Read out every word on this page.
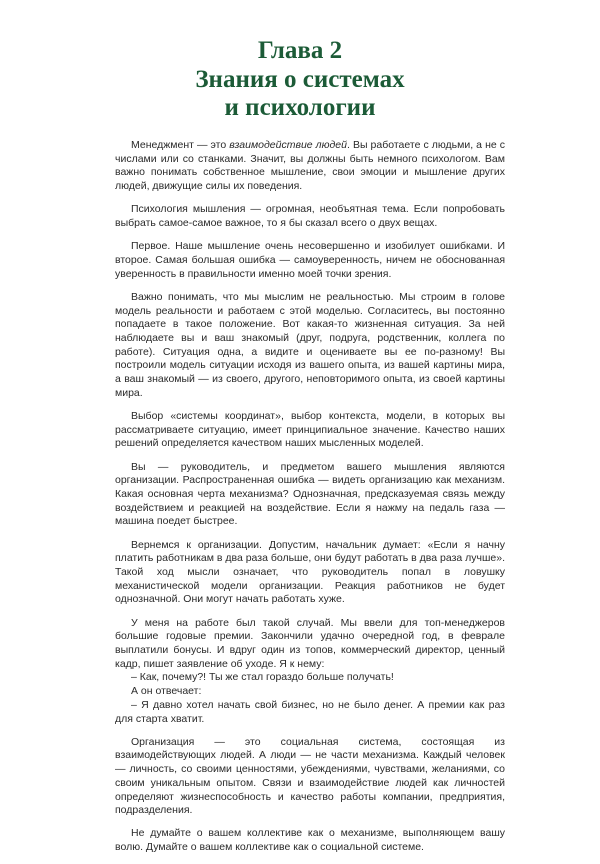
Глава 2
Знания о системах
и психологии

Менеджмент — это взаимодействие людей. Вы работаете с людьми, а не с числами или со станками. Значит, вы должны быть немного психологом. Вам важно понимать собственное мышление, свои эмоции и мышление других людей, движущие силы их поведения.

Психология мышления — огромная, необъятная тема. Если попробовать выбрать самое-самое важное, то я бы сказал всего о двух вещах.

Первое. Наше мышление очень несовершенно и изобилует ошибками. И второе. Самая большая ошибка — самоуверенность, ничем не обоснованная уверенность в правильности именно моей точки зрения.

Важно понимать, что мы мыслим не реальностью. Мы строим в голове модель реальности и работаем с этой моделью. Согласитесь, вы постоянно попадаете в такое положение. Вот какая-то жизненная ситуация. За ней наблюдаете вы и ваш знакомый (друг, подруга, родственник, коллега по работе). Ситуация одна, а видите и оцениваете вы ее по-разному! Вы построили модель ситуации исходя из вашего опыта, из вашей картины мира, а ваш знакомый — из своего, другого, неповторимого опыта, из своей картины мира.

Выбор «системы координат», выбор контекста, модели, в которых вы рассматриваете ситуацию, имеет принципиальное значение. Качество наших решений определяется качеством наших мысленных моделей.

Вы — руководитель, и предметом вашего мышления являются организации. Распространенная ошибка — видеть организацию как механизм. Какая основная черта механизма? Однозначная, предсказуемая связь между воздействием и реакцией на воздействие. Если я нажму на педаль газа — машина поедет быстрее.

Вернемся к организации. Допустим, начальник думает: «Если я начну платить работникам в два раза больше, они будут работать в два раза лучше». Такой ход мысли означает, что руководитель попал в ловушку механистической модели организации. Реакция работников не будет однозначной. Они могут начать работать хуже.

У меня на работе был такой случай. Мы ввели для топ-менеджеров большие годовые премии. Закончили удачно очередной год, в феврале выплатили бонусы. И вдруг один из топов, коммерческий директор, ценный кадр, пишет заявление об уходе. Я к нему:

– Как, почему?! Ты же стал гораздо больше получать!

А он отвечает:

– Я давно хотел начать свой бизнес, но не было денег. А премии как раз для старта хватит.

Организация — это социальная система, состоящая из взаимодействующих людей. А люди — не части механизма. Каждый человек — личность, со своими ценностями, убеждениями, чувствами, желаниями, со своим уникальным опытом. Связи и взаимодействие людей как личностей определяют жизнеспособность и качество работы компании, предприятия, подразделения.

Не думайте о вашем коллективе как о механизме, выполняющем вашу волю. Думайте о вашем коллективе как о социальной системе.
